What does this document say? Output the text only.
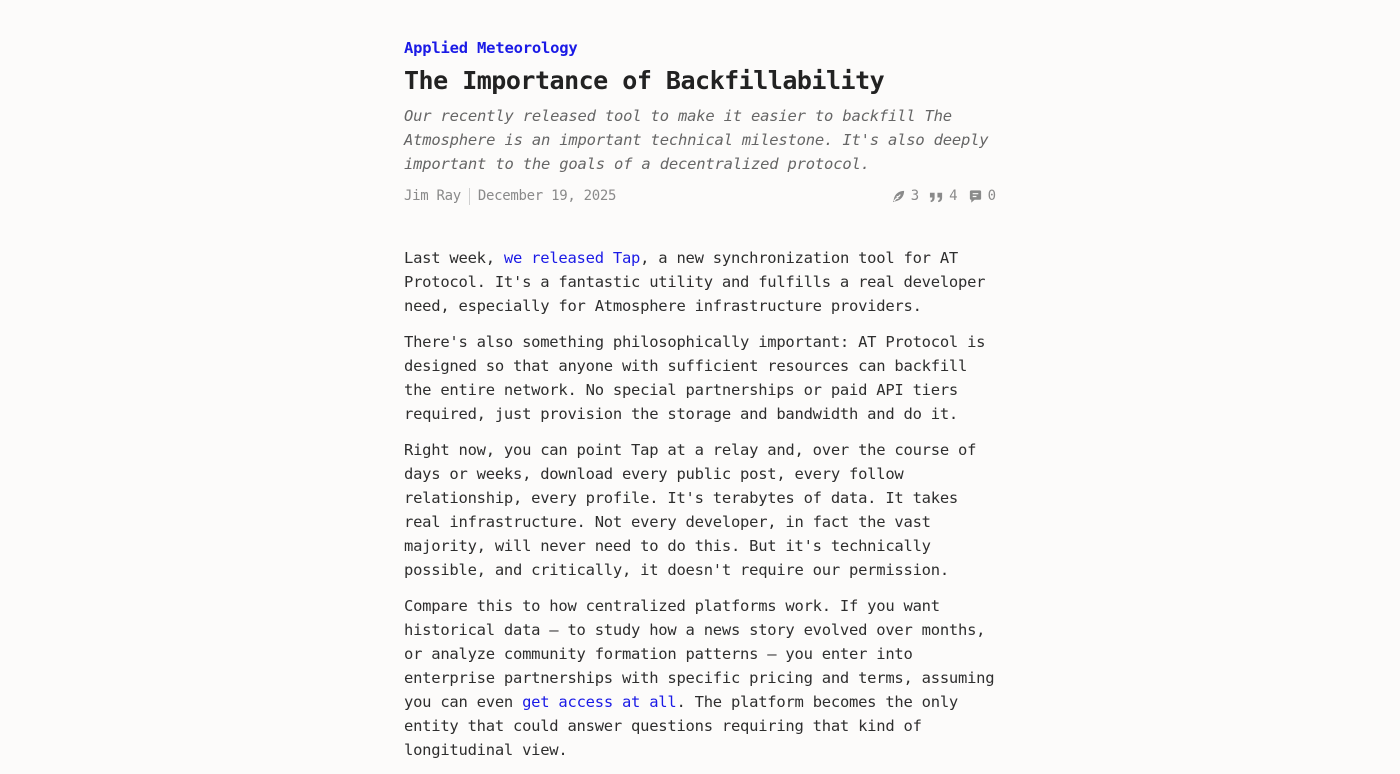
Applied Meteorology
The Importance of Backfillability

Our recently released tool to make it easier to backfill The Atmosphere is an important technical milestone. It's also deeply important to the goals of a decentralized protocol.

Jim Ray December 19, 2025	3 4 0

Last week, we released Tap, a new synchronization tool for AT Protocol. It's a fantastic utility and fulfills a real developer need, especially for Atmosphere infrastructure providers.

There's also something philosophically important: AT Protocol is designed so that anyone with sufficient resources can backfill the entire network. No special partnerships or paid API tiers required, just provision the storage and bandwidth and do it.

Right now, you can point Tap at a relay and, over the course of days or weeks, download every public post, every follow relationship, every profile. It's terabytes of data. It takes real infrastructure. Not every developer, in fact the vast majority, will never need to do this. But it's technically possible, and critically, it doesn't require our permission.

Compare this to how centralized platforms work. If you want historical data — to study how a news story evolved over months, or analyze community formation patterns — you enter into enterprise partnerships with specific pricing and terms, assuming you can even get access at all. The platform becomes the only entity that could answer questions requiring that kind of longitudinal view.
